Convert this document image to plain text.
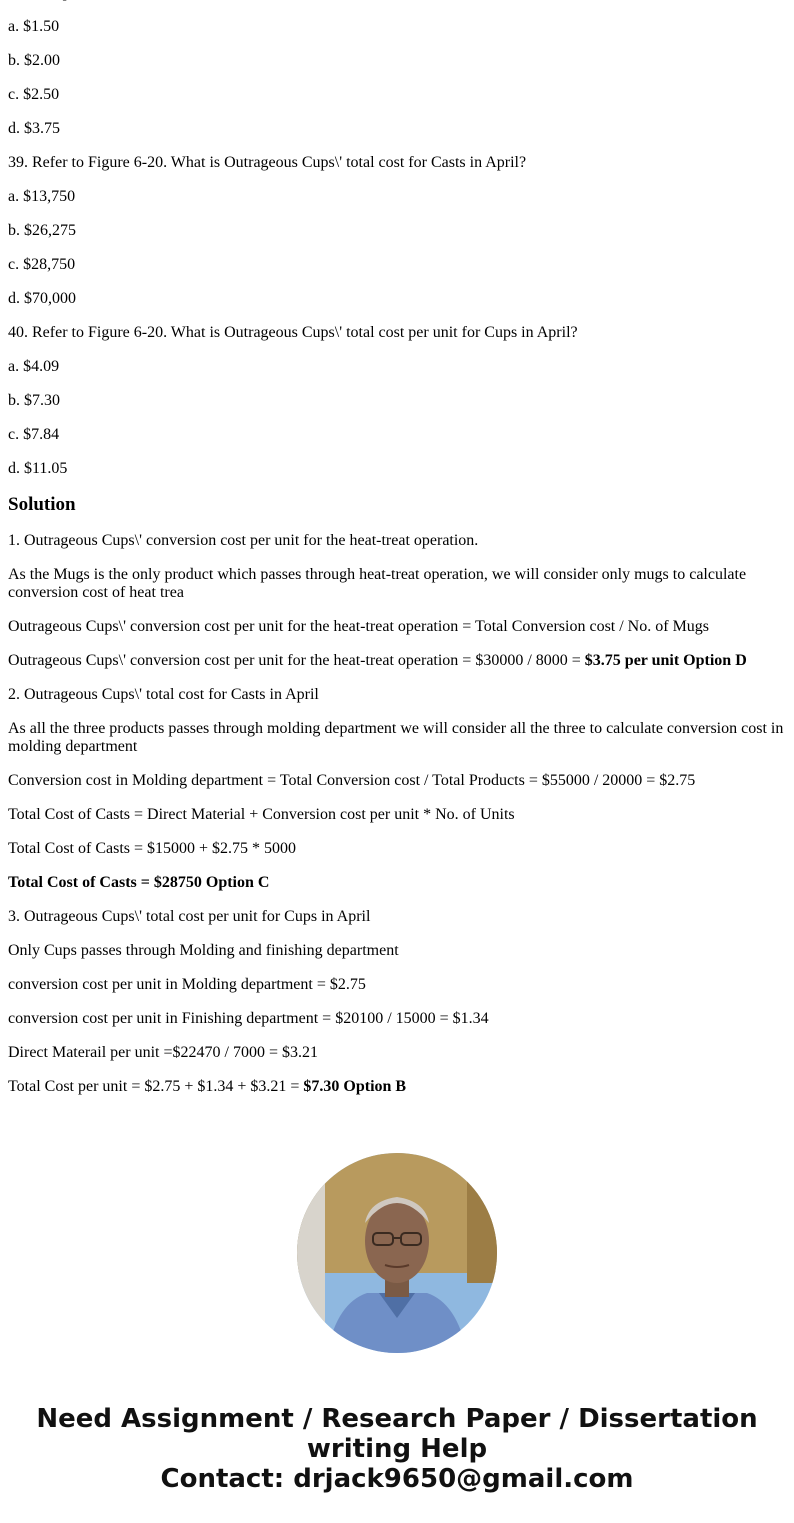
a. $1.50

b. $2.00

c. $2.50

d. $3.75

39. Refer to Figure 6-20. What is Outrageous Cups\' total cost for Casts in April?

a. $13,750

b. $26,275

c. $28,750

d. $70,000

40. Refer to Figure 6-20. What is Outrageous Cups\' total cost per unit for Cups in April?

a. $4.09

b. $7.30

c. $7.84

d. $11.05

Solution

1. Outrageous Cups\' conversion cost per unit for the heat-treat operation.

As the Mugs is the only product which passes through heat-treat operation, we will consider only mugs to calculate conversion cost of heat trea

Outrageous Cups\' conversion cost per unit for the heat-treat operation = Total Conversion cost / No. of Mugs

Outrageous Cups\' conversion cost per unit for the heat-treat operation = $30000 / 8000 = $3.75 per unit Option D

2. Outrageous Cups\' total cost for Casts in April

As all the three products passes through molding department we will consider all the three to calculate conversion cost in molding department

Conversion cost in Molding department = Total Conversion cost / Total Products = $55000 / 20000 = $2.75

Total Cost of Casts = Direct Material + Conversion cost per unit * No. of Units

Total Cost of Casts = $15000 + $2.75 * 5000

Total Cost of Casts = $28750 Option C

3. Outrageous Cups\' total cost per unit for Cups in April

Only Cups passes through Molding and finishing department

conversion cost per unit in Molding department = $2.75

conversion cost per unit in Finishing department = $20100 / 15000 = $1.34

Direct Materail per unit =$22470 / 7000 = $3.21

Total Cost per unit = $2.75 + $1.34 + $3.21 = $7.30 Option B

Need Assignment / Research Paper / Dissertation
writing Help
Contact: drjack9650@gmail.com
